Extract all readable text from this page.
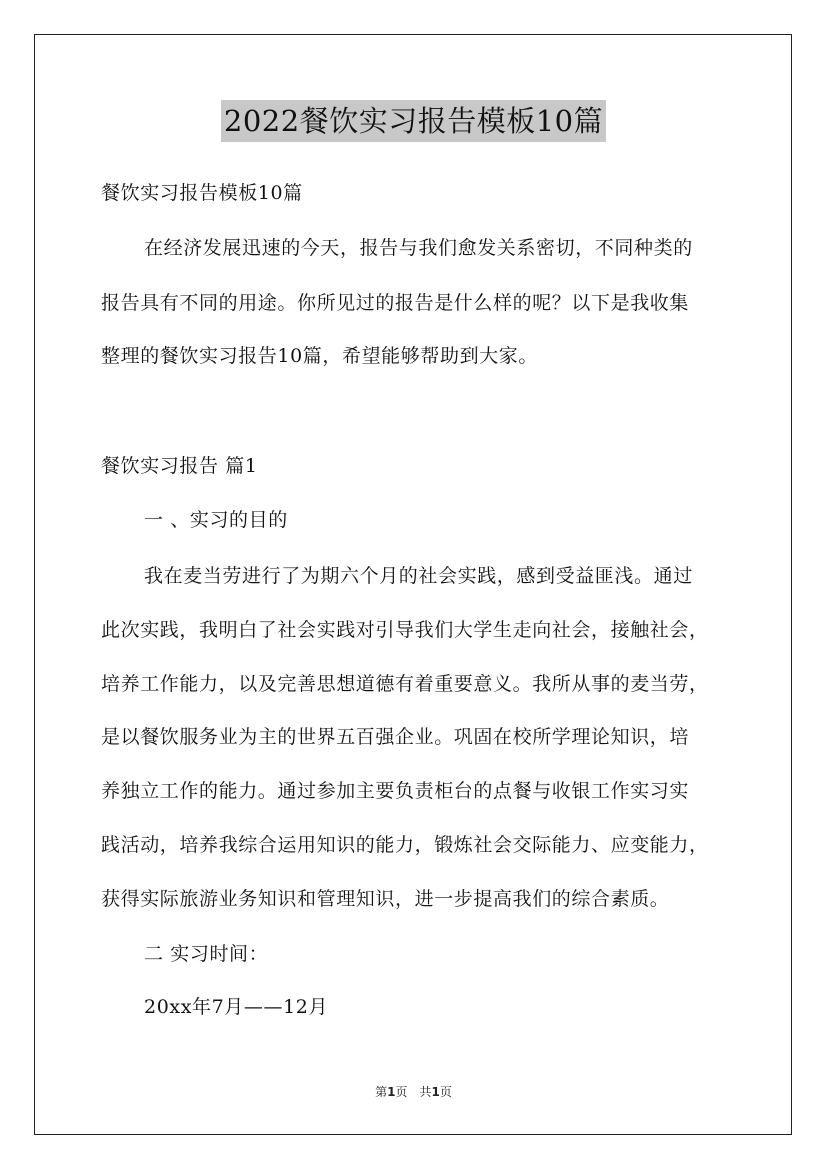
2022餐饮实习报告模板10篇
餐饮实习报告模板10篇
在经济发展迅速的今天，报告与我们愈发关系密切，不同种类的
报告具有不同的用途。你所见过的报告是什么样的呢？以下是我收集
整理的餐饮实习报告10篇，希望能够帮助到大家。
餐饮实习报告 篇1
一 、实习的目的
我在麦当劳进行了为期六个月的社会实践，感到受益匪浅。通过
此次实践，我明白了社会实践对引导我们大学生走向社会，接触社会，
培养工作能力，以及完善思想道德有着重要意义。我所从事的麦当劳，
是以餐饮服务业为主的世界五百强企业。巩固在校所学理论知识，培
养独立工作的能力。通过参加主要负责柜台的点餐与收银工作实习实
践活动，培养我综合运用知识的能力，锻炼社会交际能力、应变能力，
获得实际旅游业务知识和管理知识，进一步提高我们的综合素质。
二 实习时间：
20xx年7月——12月
第1页　共1页
